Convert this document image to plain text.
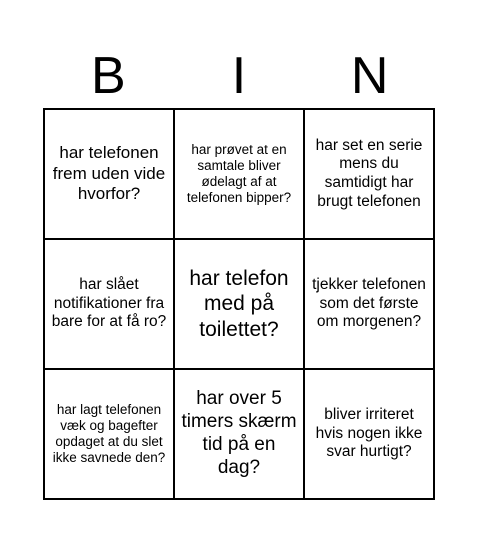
B	I	N
har telefonen frem uden vide hvorfor?
har prøvet at en samtale bliver ødelagt af at telefonen bipper?
har set en serie mens du samtidigt har brugt telefonen
har slået notifikationer fra bare for at få ro?
har telefon med på toilettet?
tjekker telefonen som det første om morgenen?
har lagt telefonen væk og bagefter opdaget at du slet ikke savnede den?
har over 5 timers skærm tid på en dag?
bliver irriteret hvis nogen ikke svar hurtigt?
